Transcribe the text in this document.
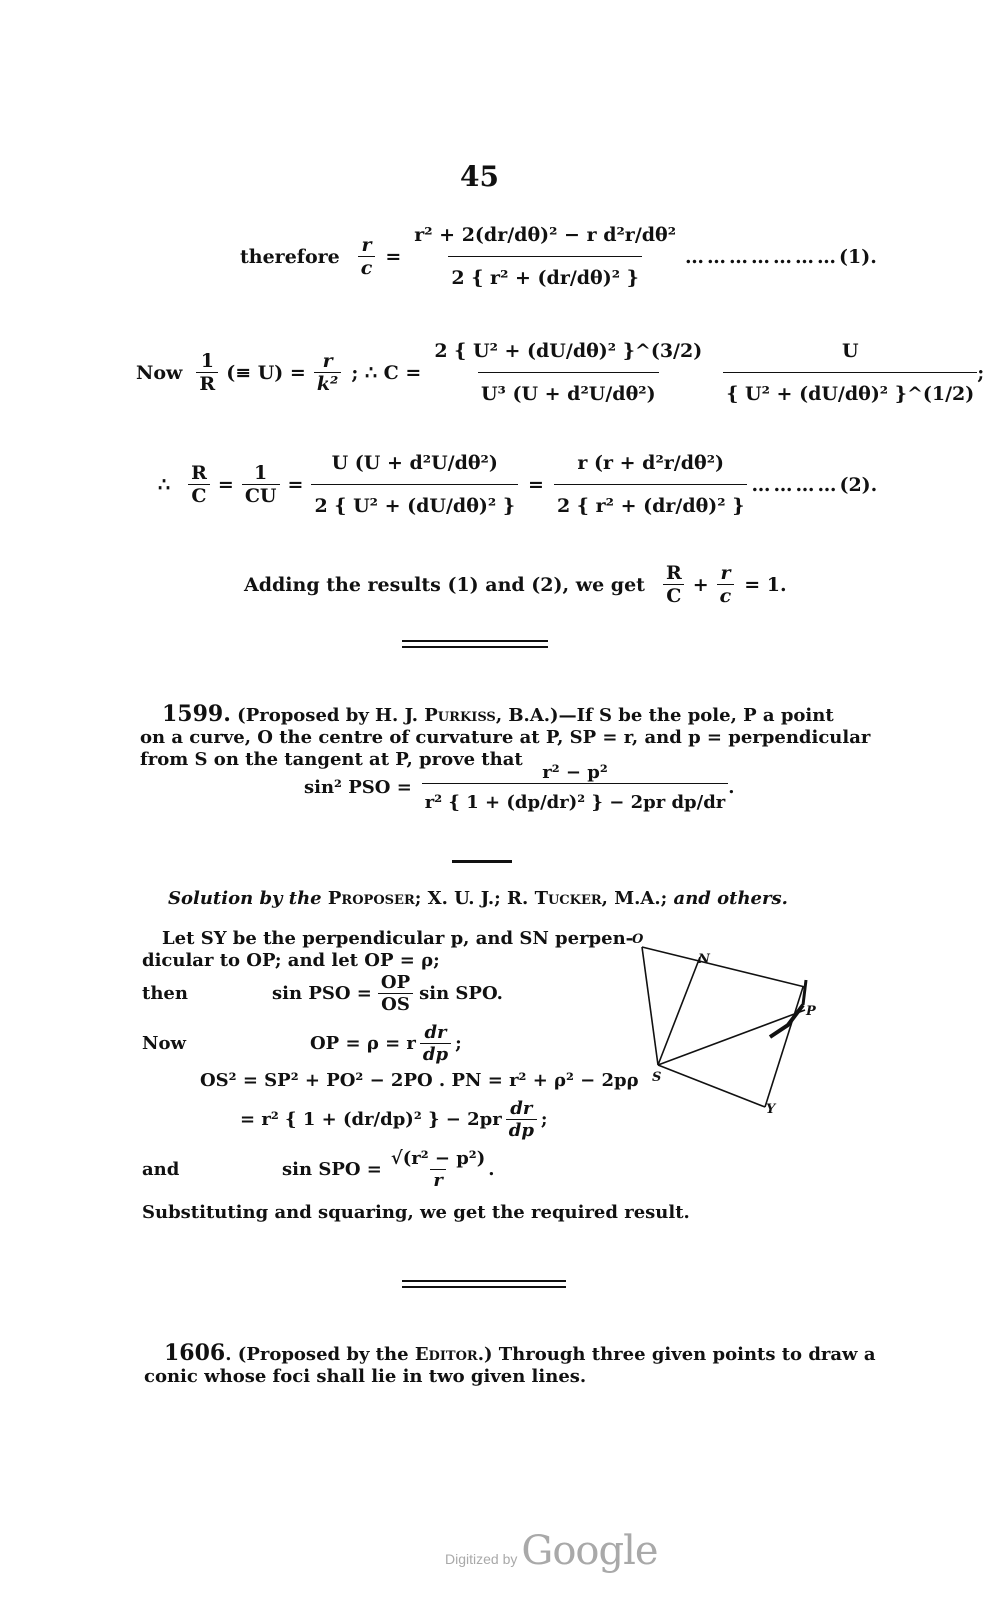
45
therefore $\frac{r}{c} = \frac{\text{r² + 2(dr/dθ)² − r d²r/dθ²}}{\text{2 \{ r² + (dr/dθ)² \}}}$ ………………… (1).
Now $\frac{1}{R}$ (≡ $U) = \frac{r}{\text{k²}}$ ; ∴ $C = \frac{\text{2 \{ U² + (dU/dθ)² \}\textasciicircum{}(3/2)}}{\text{U³ (U + d²U/dθ²)}} \frac{U}{\text{\{ U² + (dU/dθ)² \}\textasciicircum{}(1/2)}}$ ;
∴ $\frac{R}{C} = \frac{1}{CU} = \frac{\text{U (U + d²U/dθ²)}}{\text{2 \{ U² + (dU/dθ)² \}}} = \frac{\text{r (r + d²r/dθ²)}}{\text{2 \{ r² + (dr/dθ)² \}}}$ ………… (2).
Adding the results (1) and (2), we get $\frac{R}{C} + \frac{r}{c} = 1$.
1599. (Proposed by H. J. Purkiss, B.A.)—If S be the pole, P a point
on a curve, O the centre of curvature at P, SP = r, and p = perpendicular
from S on the tangent at P, prove that
sin² PSO = $\frac{\text{r² − p²}}{\text{r² \{ 1 + (dp/dr)² \} − 2pr dp/dr}}$ .
Solution by the Proposer; X. U. J.; R. Tucker, M.A.; and others.
Let SY be the perpendicular p, and SN perpen-
dicular to OP; and let OP = ρ;
then	sin PSO = $\frac{OP}{OS}$ sin SPO.
Now	OP = ρ = r $\frac{dr}{dp}$ ;
OS² = SP² + PO² − 2PO . PN = r² + ρ² − 2pρ
= r² { 1 + (dr/dp)² } − $2pr \frac{dr}{dp}$ ;
and	sin SPO = $\frac{\text{√(r² − p²)}}{r}$ .
Substituting and squaring, we get the required result.
O
N
P
S
Y
1606. (Proposed by the Editor.) Through three given points to draw a
conic whose foci shall lie in two given lines.
Digitized by Google
